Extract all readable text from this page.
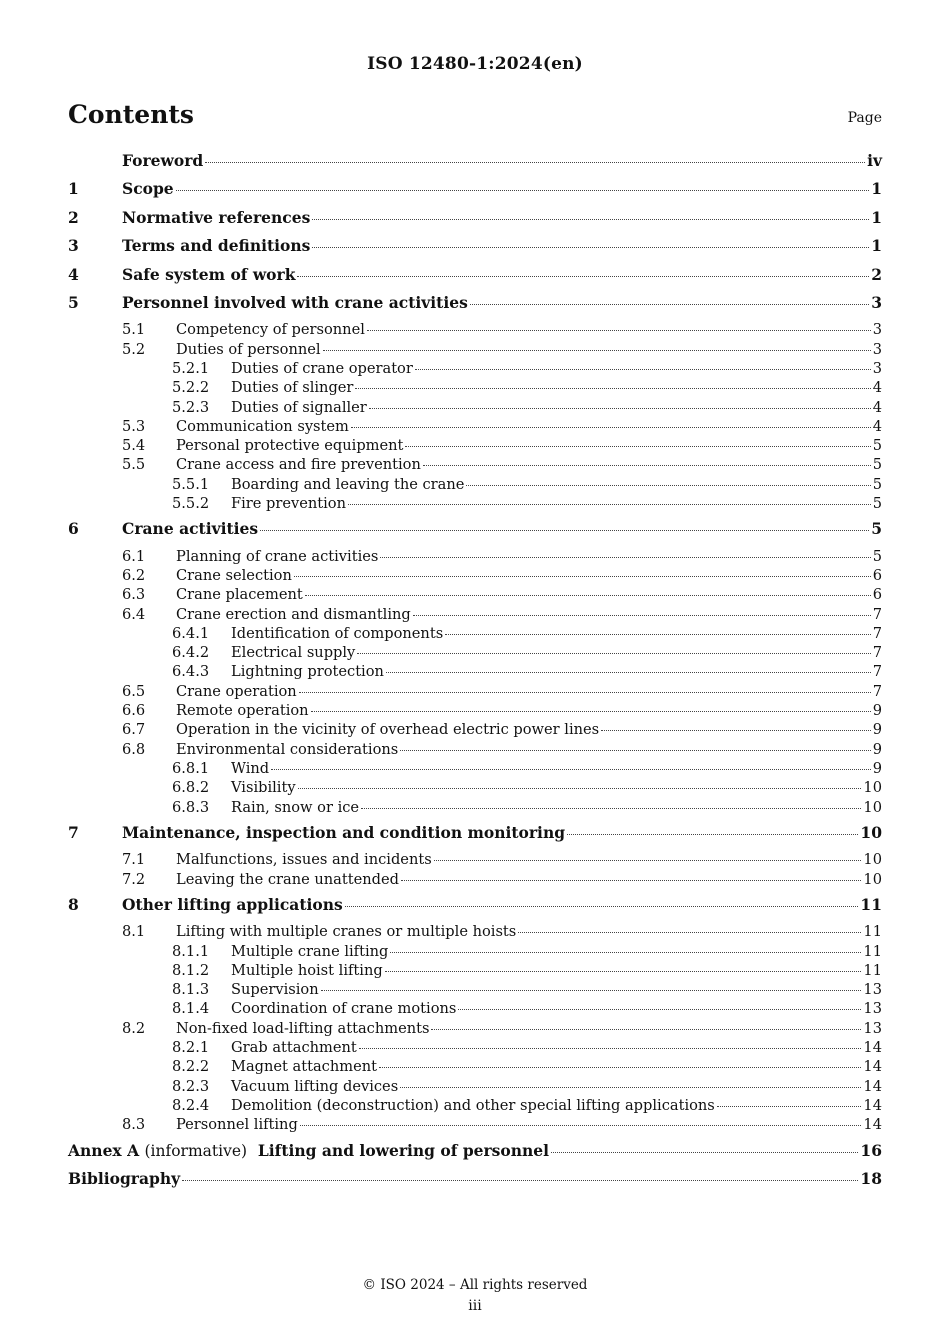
ISO 12480-1:2024(en)
Contents	Page
Foreword	iv
1	Scope	1
2	Normative references	1
3	Terms and definitions	1
4	Safe system of work	2
5	Personnel involved with crane activities	3
5.1	Competency of personnel	3
5.2	Duties of personnel	3
5.2.1	Duties of crane operator	3
5.2.2	Duties of slinger	4
5.2.3	Duties of signaller	4
5.3	Communication system	4
5.4	Personal protective equipment	5
5.5	Crane access and fire prevention	5
5.5.1	Boarding and leaving the crane	5
5.5.2	Fire prevention	5
6	Crane activities	5
6.1	Planning of crane activities	5
6.2	Crane selection	6
6.3	Crane placement	6
6.4	Crane erection and dismantling	7
6.4.1	Identification of components	7
6.4.2	Electrical supply	7
6.4.3	Lightning protection	7
6.5	Crane operation	7
6.6	Remote operation	9
6.7	Operation in the vicinity of overhead electric power lines	9
6.8	Environmental considerations	9
6.8.1	Wind	9
6.8.2	Visibility	10
6.8.3	Rain, snow or ice	10
7	Maintenance, inspection and condition monitoring	10
7.1	Malfunctions, issues and incidents	10
7.2	Leaving the crane unattended	10
8	Other lifting applications	11
8.1	Lifting with multiple cranes or multiple hoists	11
8.1.1	Multiple crane lifting	11
8.1.2	Multiple hoist lifting	11
8.1.3	Supervision	13
8.1.4	Coordination of crane motions	13
8.2	Non-fixed load-lifting attachments	13
8.2.1	Grab attachment	14
8.2.2	Magnet attachment	14
8.2.3	Vacuum lifting devices	14
8.2.4	Demolition (deconstruction) and other special lifting applications	14
8.3	Personnel lifting	14
Annex A (informative) Lifting and lowering of personnel	16
Bibliography	18
© ISO 2024 – All rights reserved
iii
